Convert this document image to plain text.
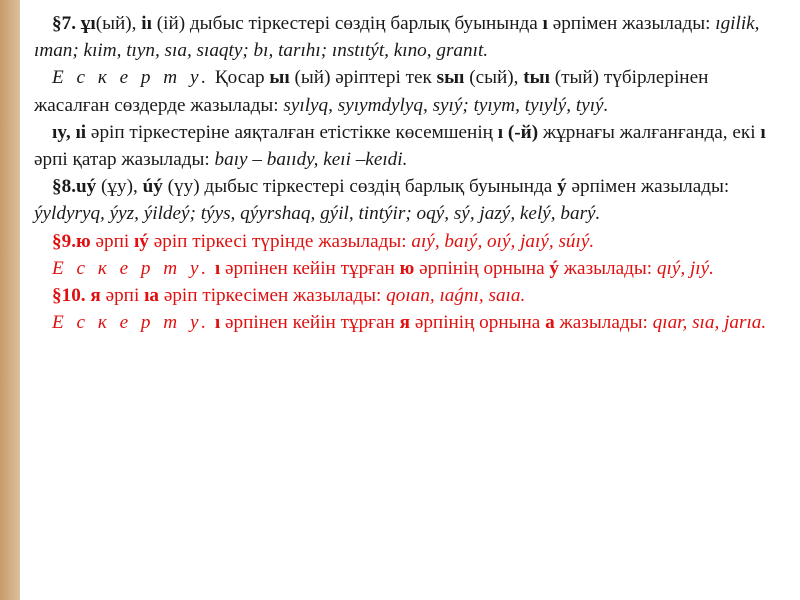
§7. ұı(ый), іı (ій) дыбыс тіркестері сөздің барлық буынында ı әрпімен жазылады: ıgilik, ıman; kıim, tıyn, sıa, sıaqty; bı, tarıhı; ınstıtýt, kıno, granıt.

Е с к е р т у. Қосар ыı (ый) әріптері тек sыı (сый), tыı (тый) түбірлерінен жасалған сөздерде жазылады: syılyq, syıymdylyq, syıý; tyıym, tyıylý, tyıý.

ıy, ıi әріп тіркестеріне аяқталған етістікке көсемшенің ı (-й) жұрнағы жалғанғанда, екі ı әрпі қатар жазылады: baıy – baııdy, keıi –keıdi.

§8.uý (ұу), úý (үу) дыбыс тіркестері сөздің барлық буынында ý әрпімен жазылады: ýyldyryq, ýyz, ýildeý; týys, qýyrshaq, gýil, tintýir; oqý, sý, jazý, kelý, barý.

§9.ю әрпі ıý әріп тіркесі түрінде жазылады: aıý, baıý, oıý, jaıý, súıý.

Е с к е р т у. ı әрпінен кейін тұрған ю әрпінің орнына ý жазылады: qıý, jıý.

§10. я әрпі ıa әріп тіркесімен жазылады: qoıan, ıaǵnı, saıa.

Е с к е р т у. ı әрпінен кейін тұрған я әрпінің орнына a жазылады: qıar, sıa, jarıa.
